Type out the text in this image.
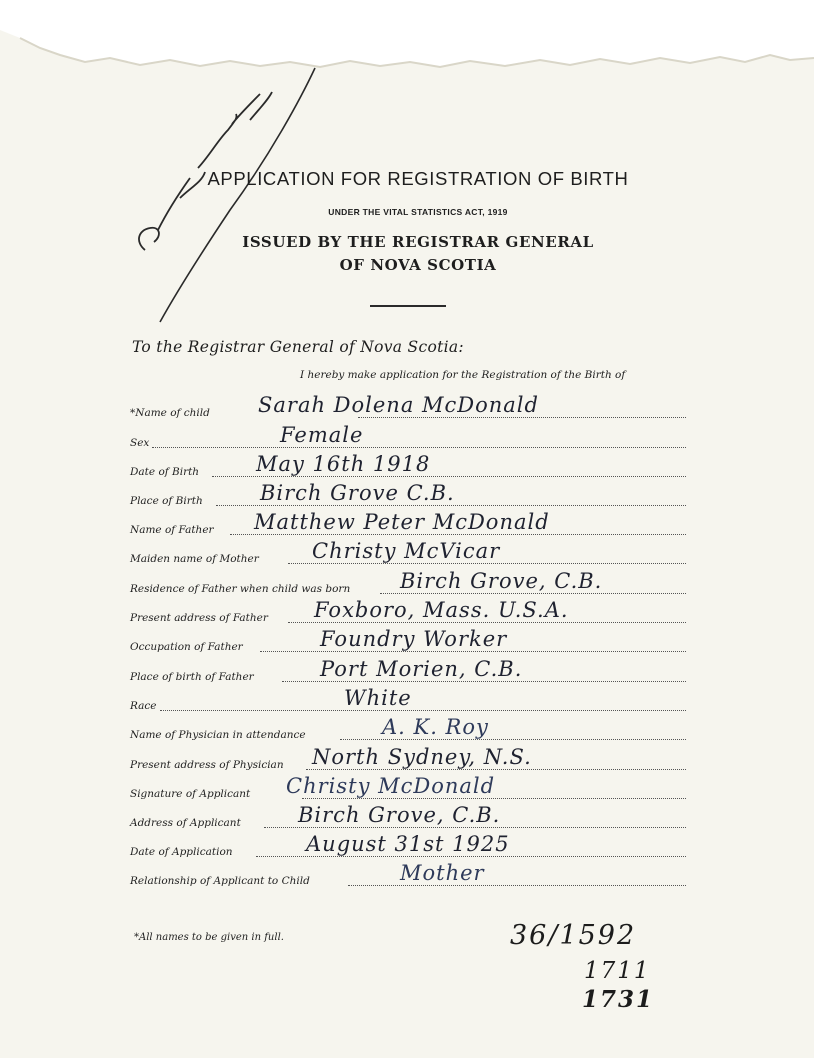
APPLICATION FOR REGISTRATION OF BIRTH
UNDER THE VITAL STATISTICS ACT, 1919
ISSUED BY THE REGISTRAR GENERAL
OF NOVA SCOTIA
To the Registrar General of Nova Scotia:
I hereby make application for the Registration of the Birth of
*Name of child Sarah Dolena McDonald
Sex	Female
Date of Birth	May 16th 1918
Place of Birth	Birch Grove C.B.
Name of Father Matthew Peter McDonald
Maiden name of Mother	Christy McVicar
Residence of Father when child was born Birch Grove, C.B.
Present address of Father Foxboro, Mass. U.S.A.
Occupation of Father	Foundry Worker
Place of birth of Father	Port Morien, C.B.
Race	White
Name of Physician in attendance	A. K. Roy
Present address of Physician North Sydney, N.S.
Signature of Applicant Christy McDonald
Address of Applicant	Birch Grove, C.B.
Date of Application	August 31st 1925
Relationship of Applicant to Child	Mother
*All names to be given in full.	36/1592
1711
1731
